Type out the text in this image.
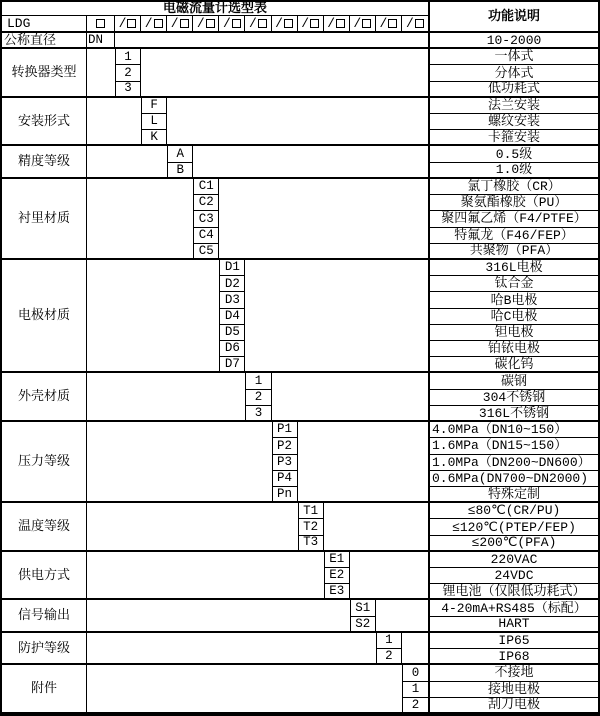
电磁流量计选型表
功能说明
LDG	/ / / / / / / / / / / /
公称直径	DN	10-2000
转换器类型
1	一体式
2	分体式
3	低功耗式
安装形式
F	法兰安装
L	螺纹安装
K	卡箍安装
精度等级
A	0.5级
B	1.0级
衬里材质
C1	氯丁橡胶（CR）
C2	聚氨酯橡胶（PU）
C3	聚四氟乙烯（F4/PTFE）
C4	特氟龙（F46/FEP）
C5	共聚物（PFA）
电极材质
D1	316L电极
D2	钛合金
D3	哈B电极
D4	哈C电极
D5	钽电极
D6	铂铱电极
D7	碳化钨
外壳材质
1	碳钢
2	304不锈钢
3	316L不锈钢
压力等级
P1	4.0MPa（DN10~150）
P2	1.6MPa（DN15~150）
P3	1.0MPa（DN200~DN600）
P4	0.6MPa(DN700~DN2000)
Pn	特殊定制
温度等级
T1	≤80℃(CR/PU)
T2	≤120℃(PTEP/FEP)
T3	≤200℃(PFA)
供电方式
E1	220VAC
E2	24VDC
E3	锂电池（仅限低功耗式）
信号输出
S1	4-20mA+RS485（标配）
S2	HART
防护等级
1	IP65
2	IP68
附件
0	不接地
1	接地电极
2	刮刀电极
